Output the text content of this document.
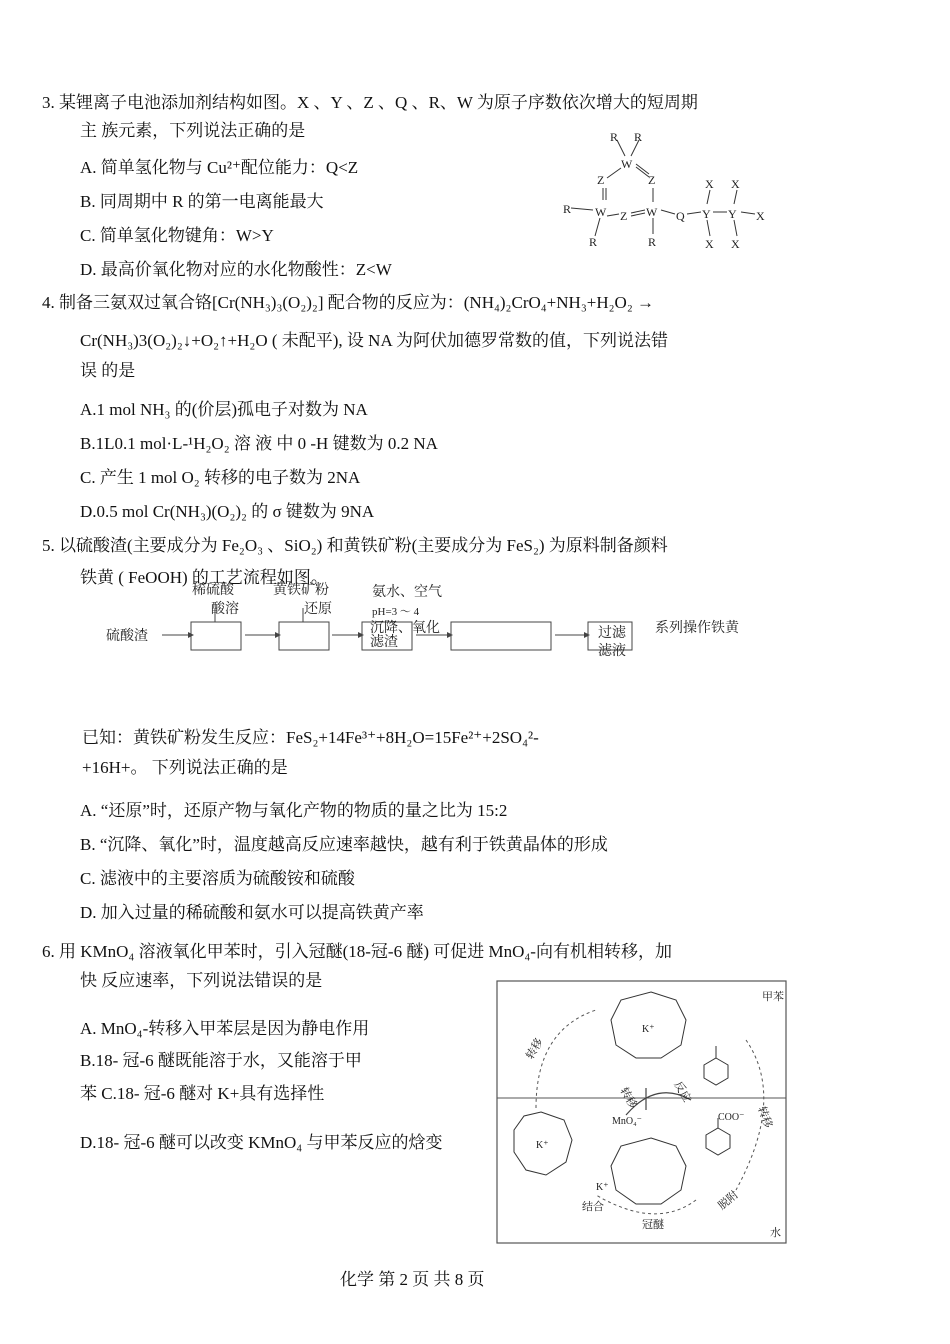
3. 某锂离子电池添加剂结构如图。X 、Y 、Z 、Q 、R、W 为原子序数依次增大的短周期
主 族元素，下列说法正确的是
A. 简单氢化物与 Cu²⁺配位能力：Q<Z
B. 同周期中 R 的第一电离能最大
C. 简单氢化物键角：W>Y
D. 最高价氧化物对应的水化物酸性：Z<W
R R
W
Z	Z
R W Z W Q Y Y
X X
X
R	R	X X
4. 制备三氨双过氧合铬[Cr(NH₃)₃(O₂)₂] 配合物的反应为：(NH₄)₂CrO₄+NH₃+H₂O₂ →
Cr(NH₃)3(O₂)₂↓+O₂↑+H₂O ( 未配平), 设 NA 为阿伏加德罗常数的值，下列说法错
误 的是
A.1 mol NH₃ 的(价层)孤电子对数为 NA
B.1L0.1 mol·L-¹H₂O₂ 溶 液 中 0 -H 键数为 0.2 NA
C. 产生 1 mol O₂ 转移的电子数为 2NA
D.0.5 mol Cr(NH₃)(O₂)₂ 的 σ 键数为 9NA
5. 以硫酸渣(主要成分为 Fe₂O₃ 、SiO₂) 和黄铁矿粉(主要成分为 FeS₂) 为原料制备颜料
铁黄 ( FeOOH) 的工艺流程如图。
硫酸渣
稀硫酸
酸溶
黄铁矿粉
还原
氨水、空气
pH=3 ～ 4
沉降、氧化
滤渣
过滤
滤液
系列操作铁黄
已知：黄铁矿粉发生反应：FeS₂+14Fe³⁺+8H₂O=15Fe²⁺+2SO₄²-
+16H+。 下列说法正确的是
A. “还原”时，还原产物与氧化产物的物质的量之比为 15:2
B. “沉降、氧化”时，温度越高反应速率越快，越有利于铁黄晶体的形成
C. 滤液中的主要溶质为硫酸铵和硫酸
D. 加入过量的稀硫酸和氨水可以提高铁黄产率
6. 用 KMnO₄ 溶液氧化甲苯时，引入冠醚(18-冠-6 醚) 可促进 MnO₄-向有机相转移，加
快 反应速率，下列说法错误的是
A. MnO₄-转移入甲苯层是因为静电作用
B.18- 冠-6 醚既能溶于水，又能溶于甲
苯 C.18- 冠-6 醚对 K+具有选择性
D.18- 冠-6 醚可以改变 KMnO₄ 与甲苯反应的焓变
甲苯
水
K⁺
COO⁻
MnO₄⁻
K⁺
K⁺
转移
转移	反应
转移
结合	脱附
冠醚
化学 第 2 页 共 8 页
